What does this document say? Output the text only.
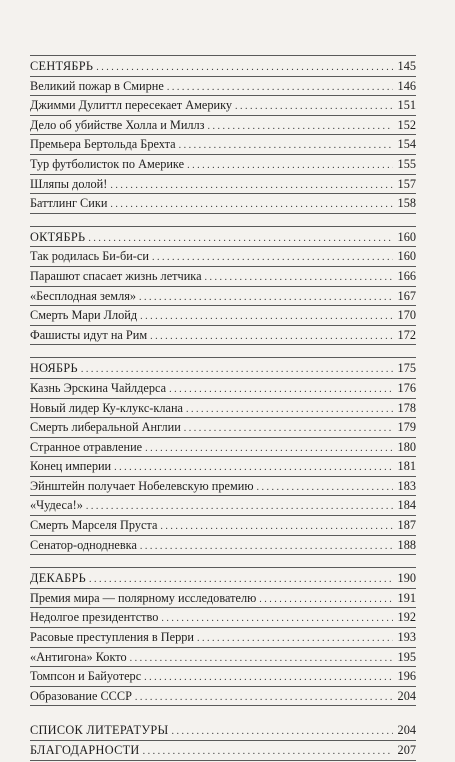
СЕНТЯБРЬ . . .	145
Великий пожар в Смирне . . .	146
Джимми Дулиттл пересекает Америку . . .	151
Дело об убийстве Холла и Миллз . . .	152
Премьера Бертольда Брехта . . .	154
Тур футболисток по Америке . . .	155
Шляпы долой! . . .	157
Баттлинг Сики . . .	158
ОКТЯБРЬ . . .	160
Так родилась Би-би-си . . .	160
Парашют спасает жизнь летчика . . .	166
«Бесплодная земля» . . .	167
Смерть Мари Ллойд . . .	170
Фашисты идут на Рим . . .	172
НОЯБРЬ . . .	175
Казнь Эрскина Чайлдерса . . .	176
Новый лидер Ку-клукс-клана . . .	178
Смерть либеральной Англии . . .	179
Странное отравление . . .	180
Конец империи . . .	181
Эйнштейн получает Нобелевскую премию . . .	183
«Чудеса!» . . .	184
Смерть Марселя Пруста . . .	187
Сенатор-однодневка . . .	188
ДЕКАБРЬ . . .	190
Премия мира — полярному исследователю . . .	191
Недолгое президентство . . .	192
Расовые преступления в Перри . . .	193
«Антигона» Кокто . . .	195
Томпсон и Байуотерс . . .	196
Образование СССР . . .	204
СПИСОК ЛИТЕРАТУРЫ . . .	204
БЛАГОДАРНОСТИ . . .	207
